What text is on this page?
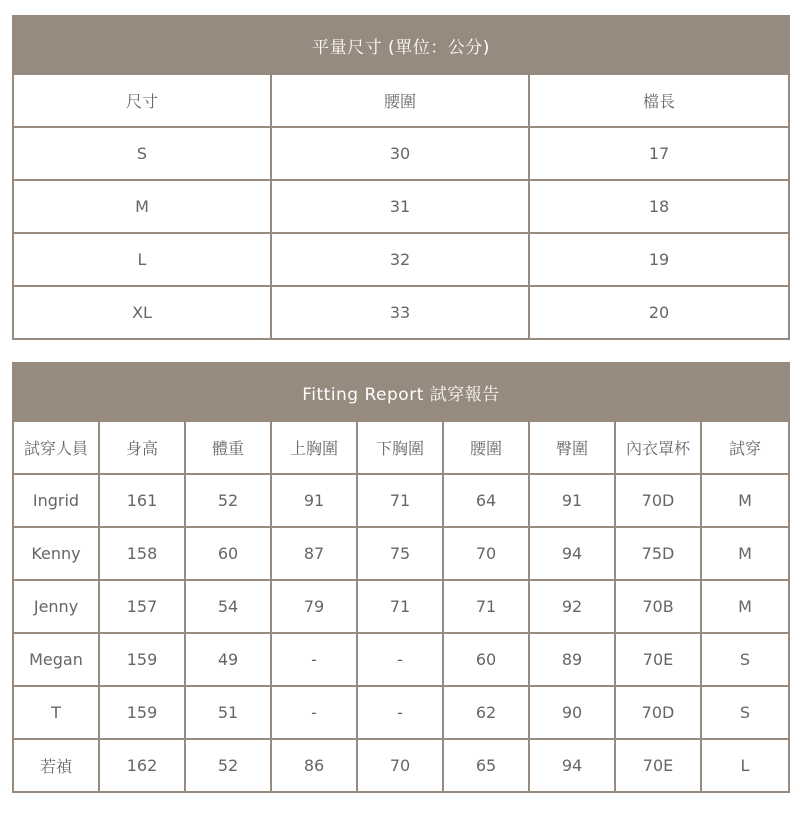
平量尺寸 (單位：公分)		
尺寸	腰圍	檔長
S	30	17
M	31	18
L	32	19
XL	33	20
Fitting Report 試穿報告								
試穿人員	身高	體重	上胸圍	下胸圍	腰圍	臀圍	內衣罩杯	試穿
Ingrid	161	52	91	71	64	91	70D	M
Kenny	158	60	87	75	70	94	75D	M
Jenny	157	54	79	71	71	92	70B	M
Megan	159	49	-	-	60	89	70E	S
T	159	51	-	-	62	90	70D	S
若禎	162	52	86	70	65	94	70E	L
